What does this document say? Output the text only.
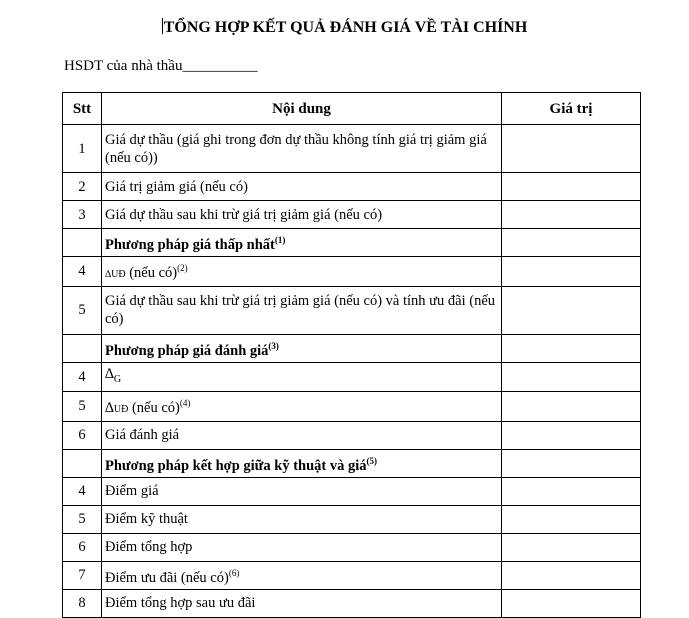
TỔNG HỢP KẾT QUẢ ĐÁNH GIÁ VỀ TÀI CHÍNH
HSDT của nhà thầu__________
Stt	Nội dung	Giá trị
1	Giá dự thầu (giá ghi trong đơn dự thầu không tính giá trị giảm giá (nếu có))	
2	Giá trị giảm giá (nếu có)	
3	Giá dự thầu sau khi trừ giá trị giảm giá (nếu có)	
	Phương pháp giá thấp nhất$^{(1)}$	
4	∆UĐ (nếu có)$^{(2)}$	
5	Giá dự thầu sau khi trừ giá trị giảm giá (nếu có) và tính ưu đãi (nếu có)	
	Phương pháp giá đánh giá$^{(3)}$	
4	$\Delta_G$	
5	∆UĐ (nếu có)$^{(4)}$	
6	Giá đánh giá	
	Phương pháp kết hợp giữa kỹ thuật và giá$^{(5)}$	
4	Điểm giá	
5	Điểm kỹ thuật	
6	Điểm tổng hợp	
7	Điểm ưu đãi (nếu có)$^{(6)}$	
8	Điểm tổng hợp sau ưu đãi	
